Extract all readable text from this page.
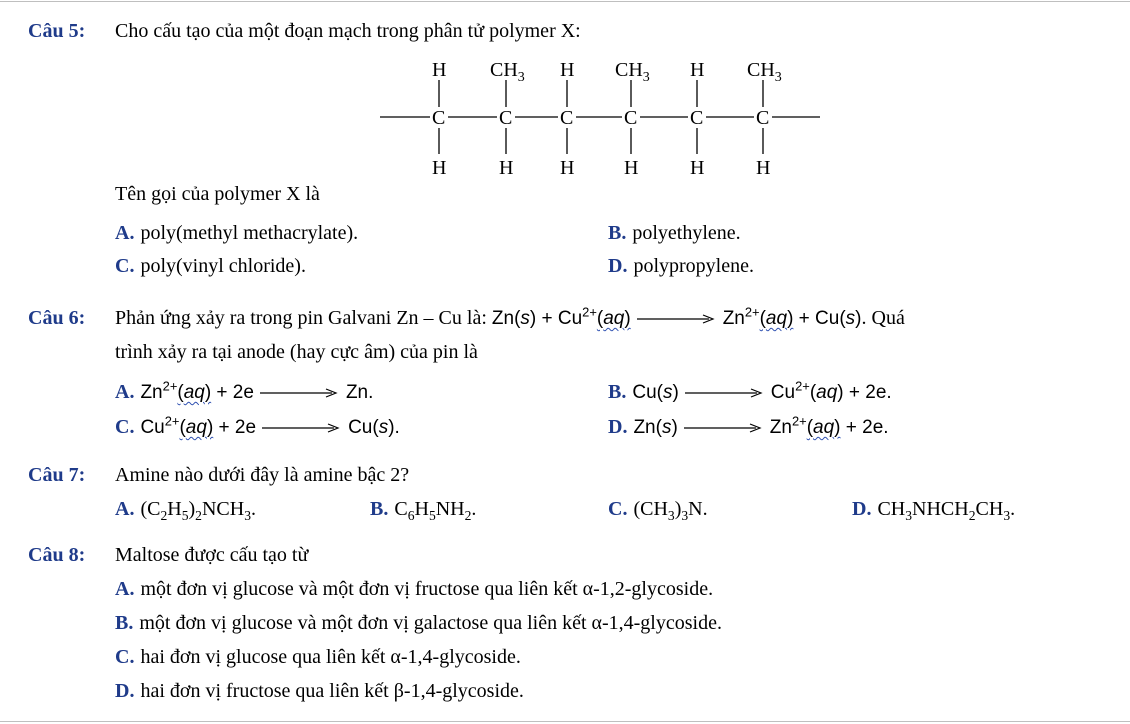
Câu 5: Cho cấu tạo của một đoạn mạch trong phân tử polymer X:
C	C C	C	C	C
H $CH_3$ H $CH_3$ H $CH_3$
H	H H H	H	H
Tên gọi của polymer X là
A. poly(methyl methacrylate).	B. polyethylene.
C. poly(vinyl chloride).	D. polypropylene.
Câu 6: Phản ứng xảy ra trong pin Galvani Zn – Cu là: $Zn(s) + Cu^{2+}(aq)$	$Zn^{2+}(aq) + Cu(s)$. Quá
trình xảy ra tại anode (hay cực âm) của pin là
A. $Zn^{2+}(aq) + 2e$	Zn.	B. Cu(s)	$Cu^{2+}(aq) + 2e$.
C. $Cu^{2+}(aq) + 2e$	Cu(s).	D. Zn(s)	$Zn^{2+}(aq) + 2e$.
Câu 7: Amine nào dưới đây là amine bậc 2?
A. $(C_2H_5)_2NCH_3$.	B. $C_6H_5NH_2$.	C. $(CH_3)_3N$.	D. $CH_3NHCH_2CH_3$.
Câu 8: Maltose được cấu tạo từ
A. một đơn vị glucose và một đơn vị fructose qua liên kết α-1,2-glycoside.
B. một đơn vị glucose và một đơn vị galactose qua liên kết α-1,4-glycoside.
C. hai đơn vị glucose qua liên kết α-1,4-glycoside.
D. hai đơn vị fructose qua liên kết β-1,4-glycoside.
